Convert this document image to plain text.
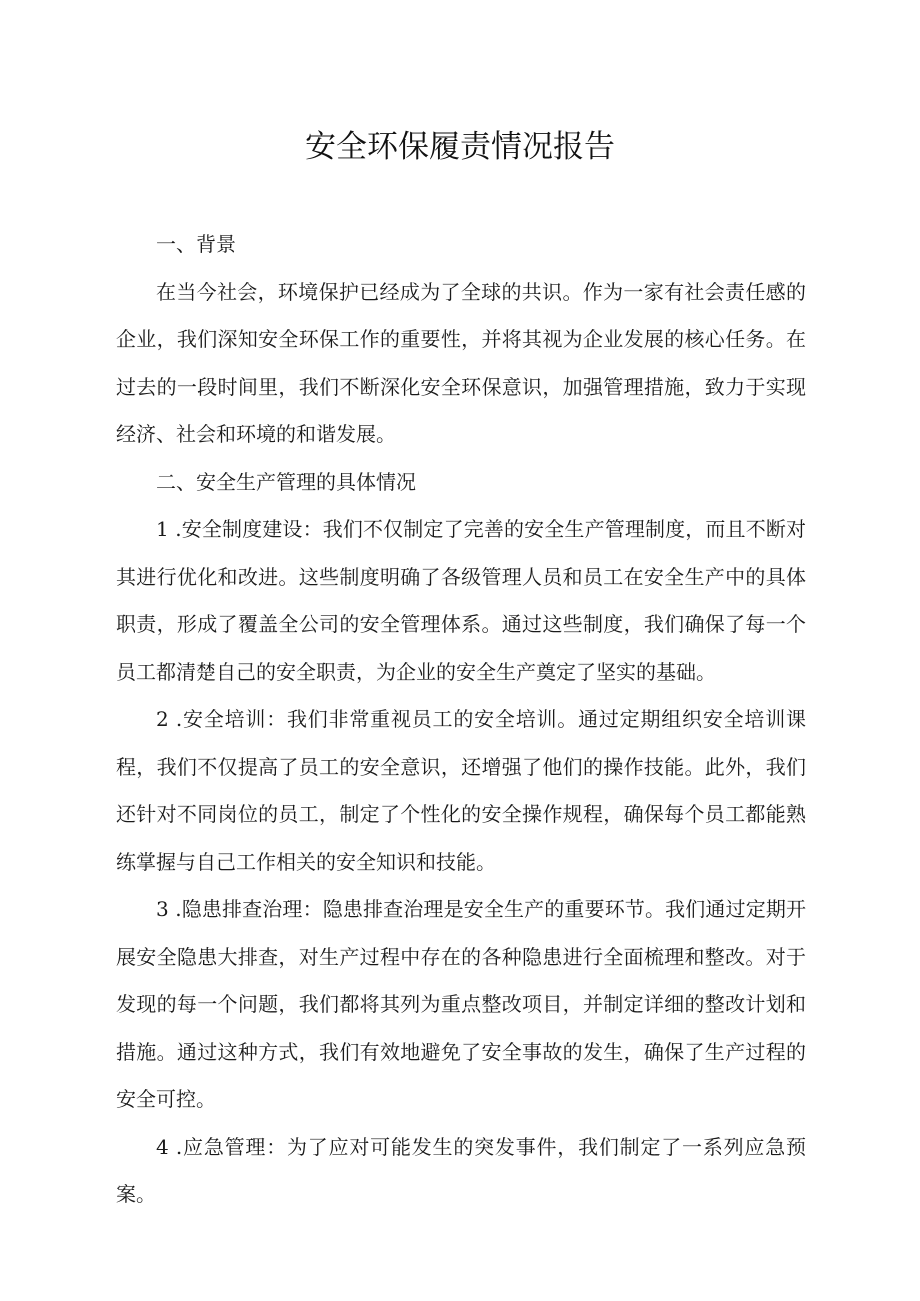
安全环保履责情况报告

一、背景

在当今社会，环境保护已经成为了全球的共识。作为一家有社会责任感的企业，我们深知安全环保工作的重要性，并将其视为企业发展的核心任务。在过去的一段时间里，我们不断深化安全环保意识，加强管理措施，致力于实现经济、社会和环境的和谐发展。

二、安全生产管理的具体情况

1 .安全制度建设：我们不仅制定了完善的安全生产管理制度，而且不断对其进行优化和改进。这些制度明确了各级管理人员和员工在安全生产中的具体职责，形成了覆盖全公司的安全管理体系。通过这些制度，我们确保了每一个员工都清楚自己的安全职责，为企业的安全生产奠定了坚实的基础。

2 .安全培训：我们非常重视员工的安全培训。通过定期组织安全培训课程，我们不仅提高了员工的安全意识，还增强了他们的操作技能。此外，我们还针对不同岗位的员工，制定了个性化的安全操作规程，确保每个员工都能熟练掌握与自己工作相关的安全知识和技能。

3 .隐患排查治理：隐患排查治理是安全生产的重要环节。我们通过定期开展安全隐患大排查，对生产过程中存在的各种隐患进行全面梳理和整改。对于发现的每一个问题，我们都将其列为重点整改项目，并制定详细的整改计划和措施。通过这种方式，我们有效地避免了安全事故的发生，确保了生产过程的安全可控。

4 .应急管理：为了应对可能发生的突发事件，我们制定了一系列应急预案。
